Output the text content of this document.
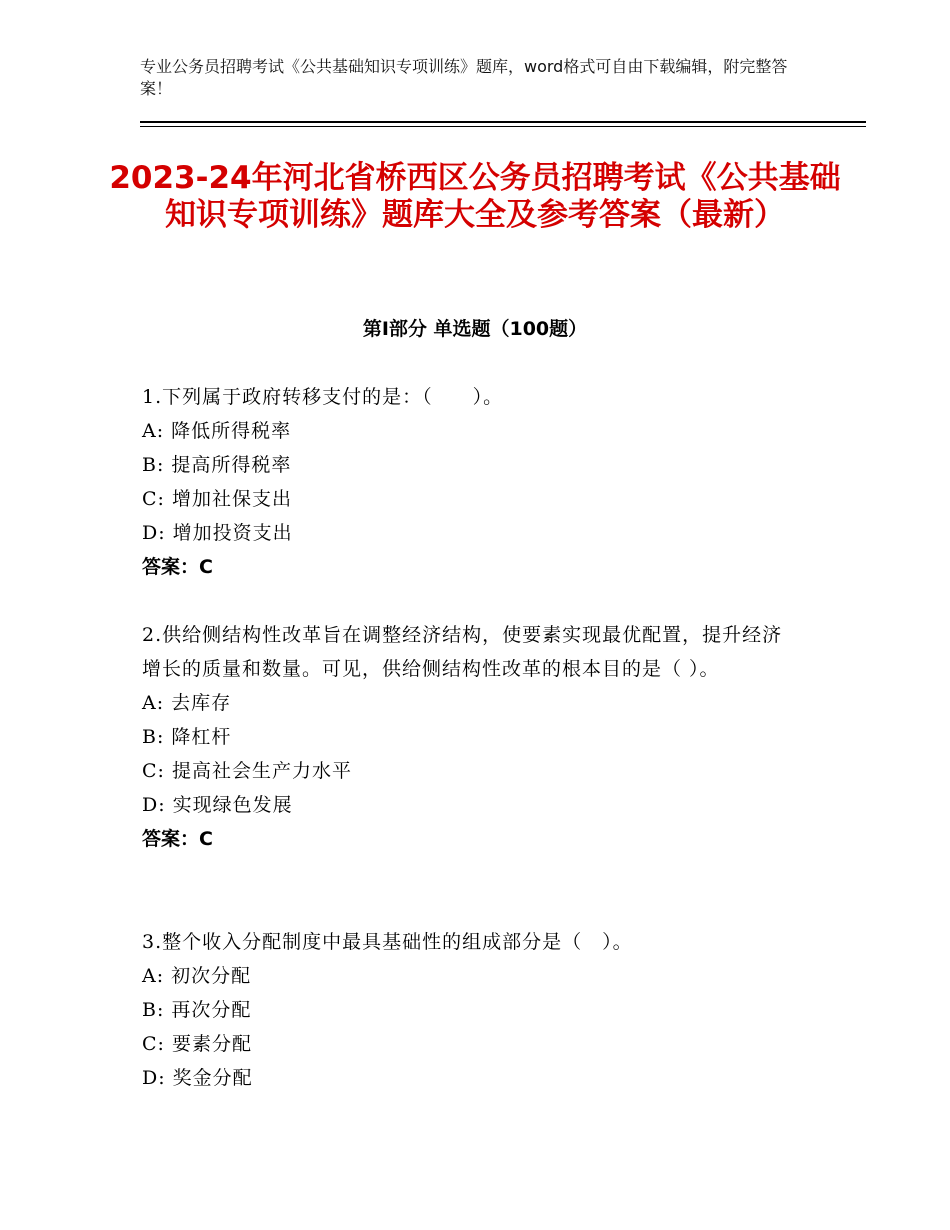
专业公务员招聘考试《公共基础知识专项训练》题库，word格式可自由下载编辑，附完整答案！
2023-24年河北省桥西区公务员招聘考试《公共基础知识专项训练》题库大全及参考答案（最新）
第Ⅰ部分 单选题（100题）
1.下列属于政府转移支付的是：（　　）。
A: 降低所得税率
B: 提高所得税率
C: 增加社保支出
D: 增加投资支出
答案：C
2.供给侧结构性改革旨在调整经济结构，使要素实现最优配置，提升经济增长的质量和数量。可见，供给侧结构性改革的根本目的是（ ）。
A: 去库存
B: 降杠杆
C: 提高社会生产力水平
D: 实现绿色发展
答案：C
3.整个收入分配制度中最具基础性的组成部分是（　）。
A: 初次分配
B: 再次分配
C: 要素分配
D: 奖金分配
